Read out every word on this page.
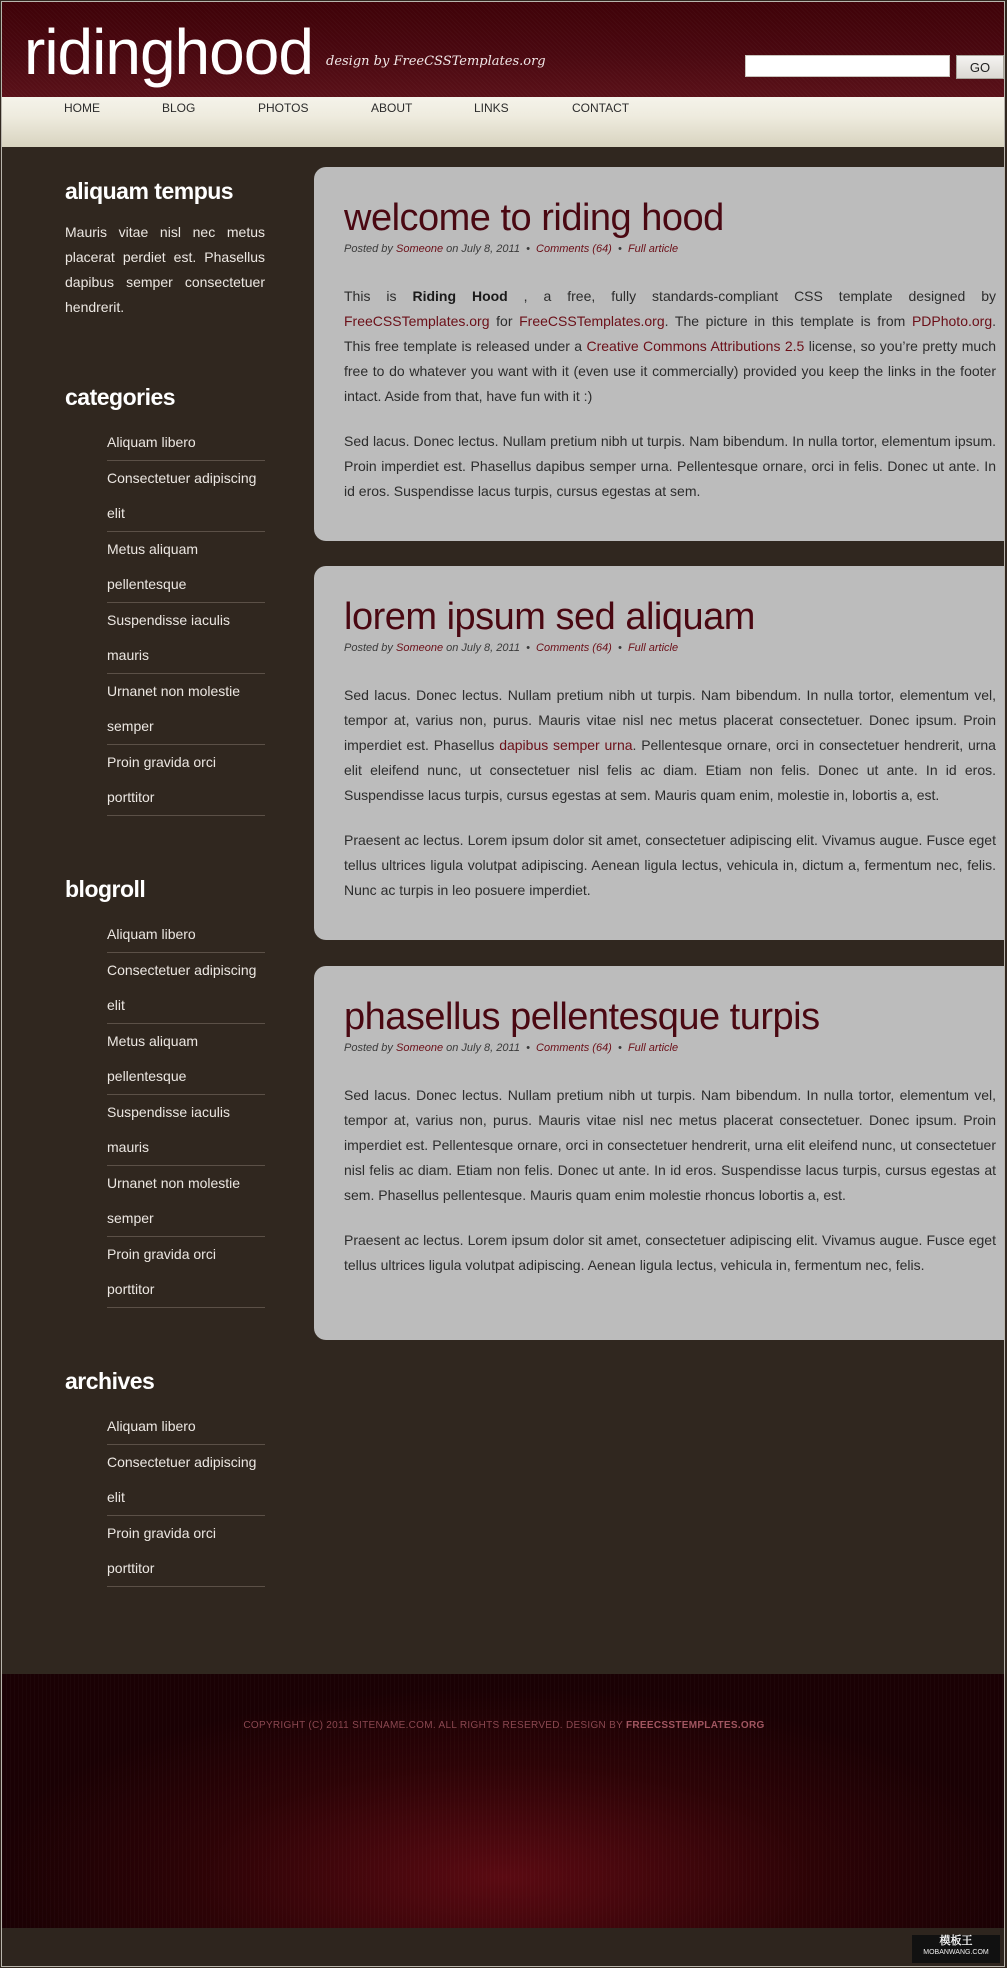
ridinghood design by FreeCSSTemplates.org	GO
HOME	BLOG	PHOTOS	ABOUT	LINKS	CONTACT
aliquam tempus
Mauris vitae nisl nec metus placerat perdiet est. Phasellus dapibus semper consectetuer hendrerit.
categories
Aliquam libero
Consectetuer adipiscing elit
Metus aliquam pellentesque
Suspendisse iaculis mauris
Urnanet non molestie semper
Proin gravida orci porttitor
blogroll
Aliquam libero
Consectetuer adipiscing elit
Metus aliquam pellentesque
Suspendisse iaculis mauris
Urnanet non molestie semper
Proin gravida orci porttitor
archives
Aliquam libero
Consectetuer adipiscing elit
Proin gravida orci porttitor
welcome to riding hood
Posted by Someone on July 8, 2011 • Comments (64) • Full article

This is Riding Hood , a free, fully standards-compliant CSS template designed by FreeCSSTemplates.org for FreeCSSTemplates.org. The picture in this template is from PDPhoto.org. This free template is released under a Creative Commons Attributions 2.5 license, so you’re pretty much free to do whatever you want with it (even use it commercially) provided you keep the links in the footer intact. Aside from that, have fun with it :)

Sed lacus. Donec lectus. Nullam pretium nibh ut turpis. Nam bibendum. In nulla tortor, elementum ipsum. Proin imperdiet est. Phasellus dapibus semper urna. Pellentesque ornare, orci in felis. Donec ut ante. In id eros. Suspendisse lacus turpis, cursus egestas at sem.

lorem ipsum sed aliquam
Posted by Someone on July 8, 2011 • Comments (64) • Full article

Sed lacus. Donec lectus. Nullam pretium nibh ut turpis. Nam bibendum. In nulla tortor, elementum vel, tempor at, varius non, purus. Mauris vitae nisl nec metus placerat consectetuer. Donec ipsum. Proin imperdiet est. Phasellus dapibus semper urna. Pellentesque ornare, orci in consectetuer hendrerit, urna elit eleifend nunc, ut consectetuer nisl felis ac diam. Etiam non felis. Donec ut ante. In id eros. Suspendisse lacus turpis, cursus egestas at sem. Mauris quam enim, molestie in, lobortis a, est.

Praesent ac lectus. Lorem ipsum dolor sit amet, consectetuer adipiscing elit. Vivamus augue. Fusce eget tellus ultrices ligula volutpat adipiscing. Aenean ligula lectus, vehicula in, dictum a, fermentum nec, felis. Nunc ac turpis in leo posuere imperdiet.

phasellus pellentesque turpis
Posted by Someone on July 8, 2011 • Comments (64) • Full article

Sed lacus. Donec lectus. Nullam pretium nibh ut turpis. Nam bibendum. In nulla tortor, elementum vel, tempor at, varius non, purus. Mauris vitae nisl nec metus placerat consectetuer. Donec ipsum. Proin imperdiet est. Pellentesque ornare, orci in consectetuer hendrerit, urna elit eleifend nunc, ut consectetuer nisl felis ac diam. Etiam non felis. Donec ut ante. In id eros. Suspendisse lacus turpis, cursus egestas at sem. Phasellus pellentesque. Mauris quam enim molestie rhoncus lobortis a, est.

Praesent ac lectus. Lorem ipsum dolor sit amet, consectetuer adipiscing elit. Vivamus augue. Fusce eget tellus ultrices ligula volutpat adipiscing. Aenean ligula lectus, vehicula in, fermentum nec, felis.

COPYRIGHT (C) 2011 SITENAME.COM. ALL RIGHTS RESERVED. DESIGN BY FREECSSTEMPLATES.ORG
模板王
MOBANWANG.COM
